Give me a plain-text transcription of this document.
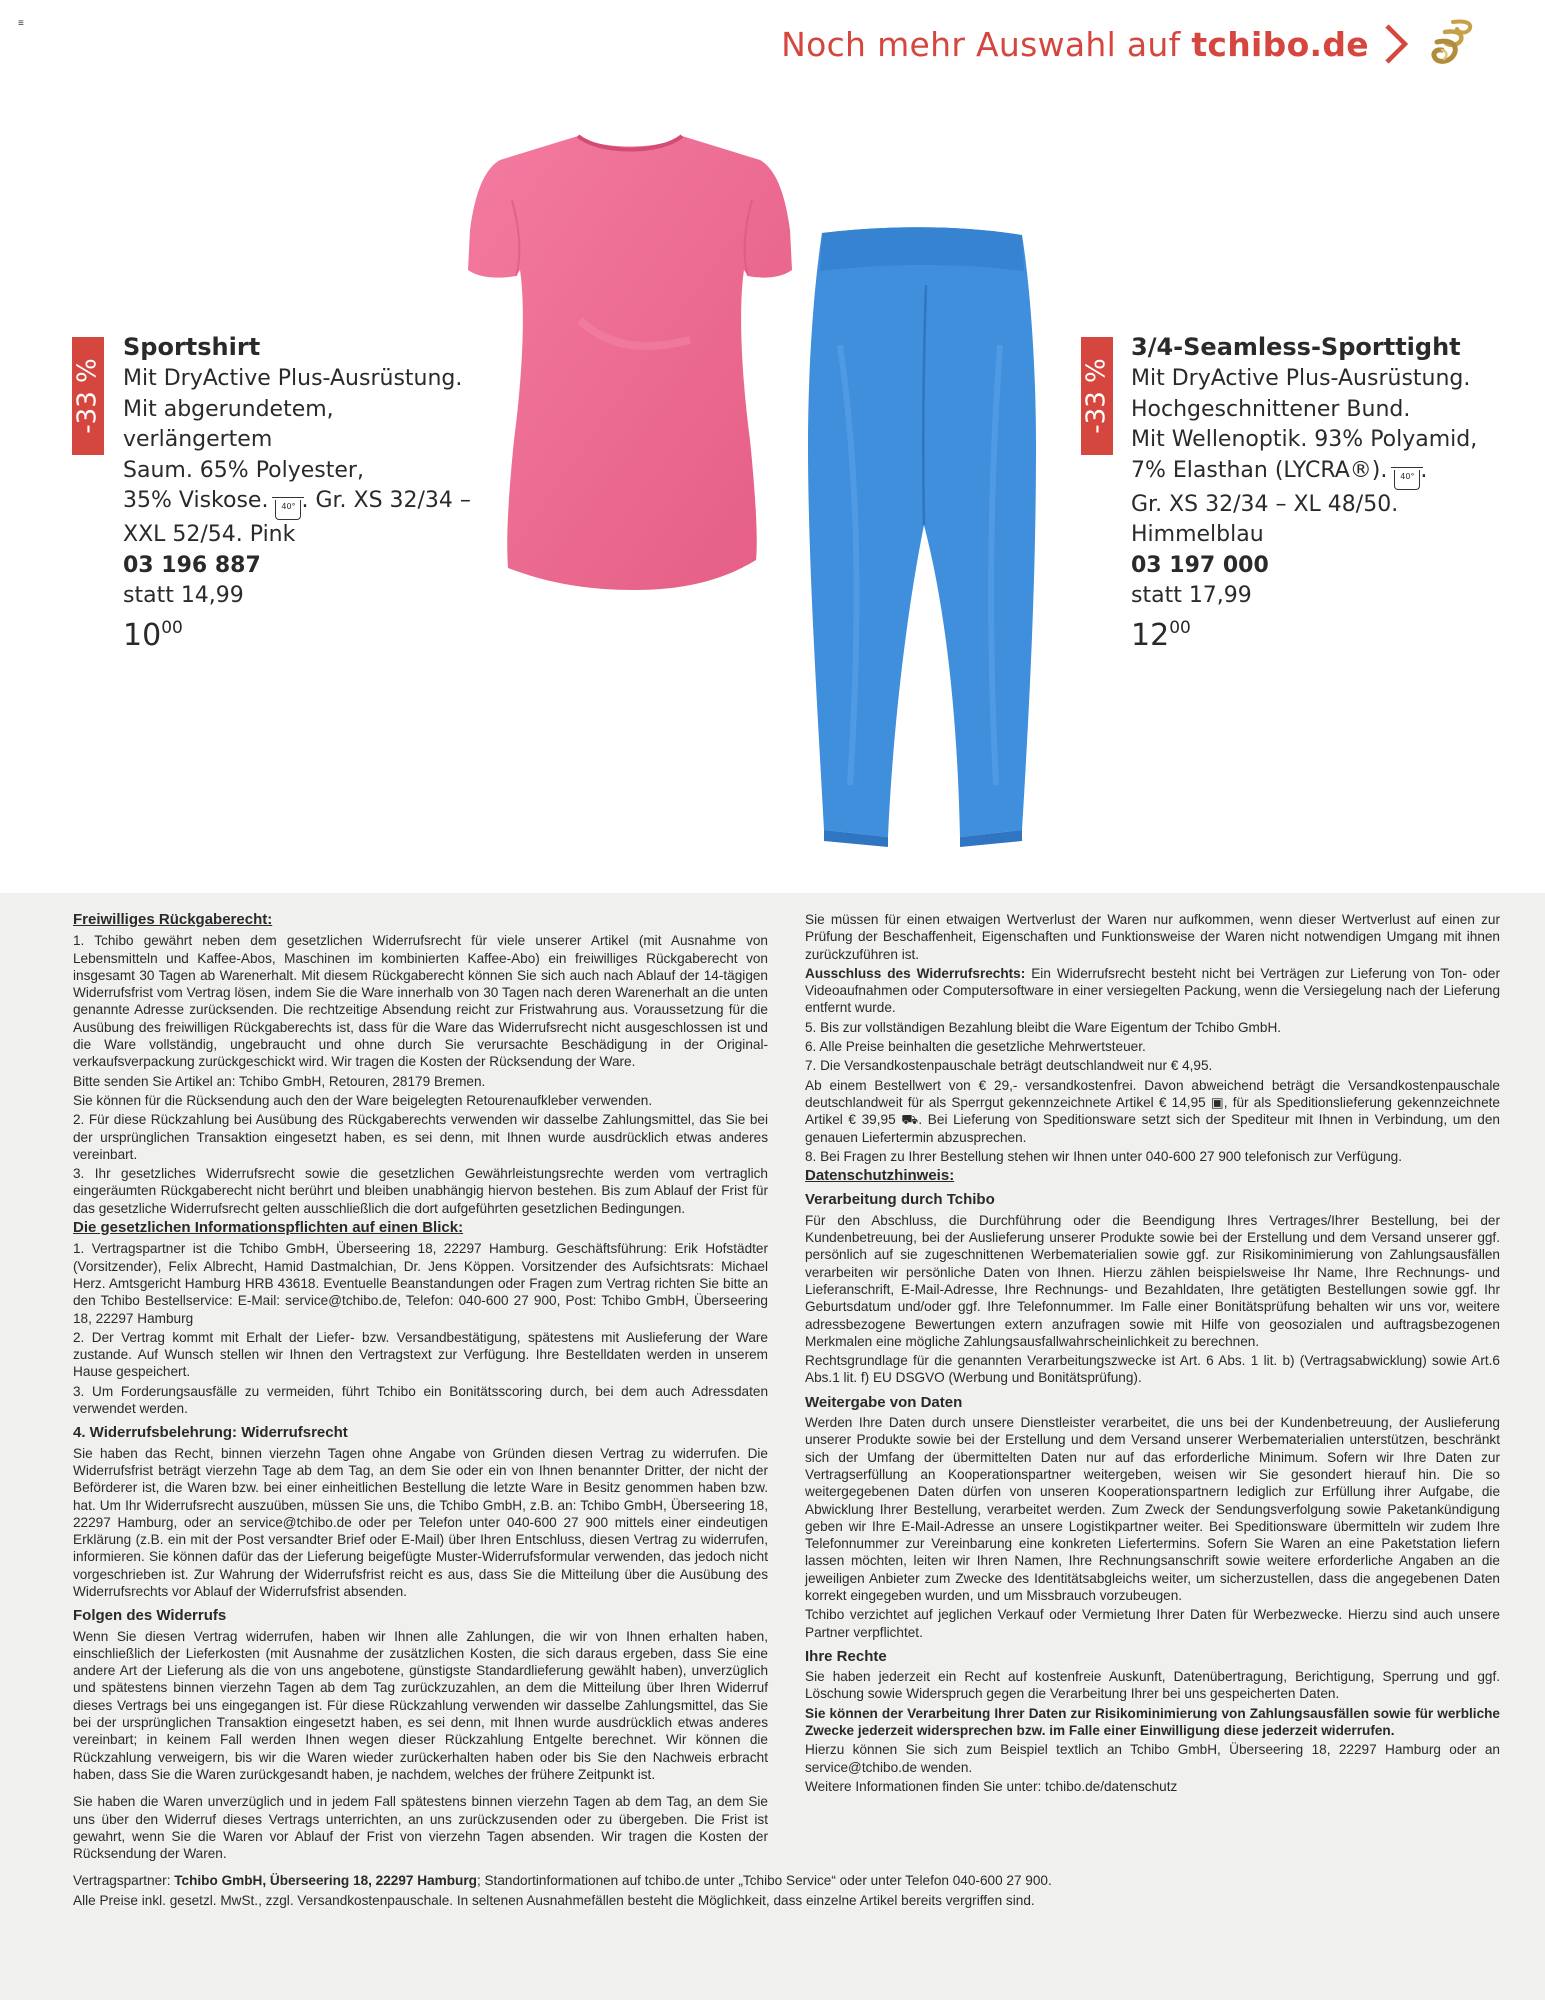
≡
Noch mehr Auswahl auf tchibo.de
-33 %
Sportshirt
Mit DryActive Plus-Ausrüstung.
Mit abgerundetem, verlängertem
Saum. 65% Polyester,
35% Viskose. 40° . Gr. XS 32/34 –
XXL 52/54. Pink
03 196 887
statt 14,99
$10^{00}$
-33 %
3/4-Seamless-Sporttight
Mit DryActive Plus-Ausrüstung.
Hochgeschnittener Bund.
Mit Wellenoptik. 93% Polyamid,
7% Elasthan (LYCRA®). 40° .
Gr. XS 32/34 – XL 48/50.
Himmelblau
03 197 000
statt 17,99
$12^{00}$

Freiwilliges Rückgaberecht:

1. Tchibo gewährt neben dem gesetzlichen Widerrufsrecht für viele unserer Artikel (mit Ausnahme von Lebensmitteln und Kaffee-Abos, Maschinen im kombinierten Kaffee-Abo) ein freiwilliges Rückgaberecht von insgesamt 30 Tagen ab Warenerhalt. Mit diesem Rückgaberecht können Sie sich auch nach Ablauf der 14-tägigen Widerrufsfrist vom Vertrag lösen, indem Sie die Ware innerhalb von 30 Tagen nach deren Warenerhalt an die unten genannte Adresse zurücksenden. Die rechtzeitige Absendung reicht zur Fristwahrung aus. Voraussetzung für die Ausübung des freiwilligen Rückgaberechts ist, dass für die Ware das Widerrufsrecht nicht ausgeschlossen ist und die Ware vollständig, ungebraucht und ohne durch Sie verursachte Beschädigung in der Original-verkaufsverpackung zurückgeschickt wird. Wir tragen die Kosten der Rücksendung der Ware.

Bitte senden Sie Artikel an: Tchibo GmbH, Retouren, 28179 Bremen.

Sie können für die Rücksendung auch den der Ware beigelegten Retourenaufkleber verwenden.

2. Für diese Rückzahlung bei Ausübung des Rückgaberechts verwenden wir dasselbe Zahlungsmittel, das Sie bei der ursprünglichen Transaktion eingesetzt haben, es sei denn, mit Ihnen wurde ausdrücklich etwas anderes vereinbart.

3. Ihr gesetzliches Widerrufsrecht sowie die gesetzlichen Gewährleistungsrechte werden vom vertraglich eingeräumten Rückgaberecht nicht berührt und bleiben unabhängig hiervon bestehen. Bis zum Ablauf der Frist für das gesetzliche Widerrufsrecht gelten ausschließlich die dort aufgeführten gesetzlichen Bedingungen.

Die gesetzlichen Informationspflichten auf einen Blick:

1. Vertragspartner ist die Tchibo GmbH, Überseering 18, 22297 Hamburg. Geschäftsführung: Erik Hofstädter (Vorsitzender), Felix Albrecht, Hamid Dastmalchian, Dr. Jens Köppen. Vorsitzender des Aufsichtsrats: Michael Herz. Amtsgericht Hamburg HRB 43618. Eventuelle Beanstandungen oder Fragen zum Vertrag richten Sie bitte an den Tchibo Bestellservice: E-Mail: service@tchibo.de, Telefon: 040-600 27 900, Post: Tchibo GmbH, Überseering 18, 22297 Hamburg

2. Der Vertrag kommt mit Erhalt der Liefer- bzw. Versandbestätigung, spätestens mit Auslieferung der Ware zustande. Auf Wunsch stellen wir Ihnen den Vertragstext zur Verfügung. Ihre Bestelldaten werden in unserem Hause gespeichert.

3. Um Forderungsausfälle zu vermeiden, führt Tchibo ein Bonitätsscoring durch, bei dem auch Adressdaten verwendet werden.

4. Widerrufsbelehrung: Widerrufsrecht

Sie haben das Recht, binnen vierzehn Tagen ohne Angabe von Gründen diesen Vertrag zu widerrufen. Die Widerrufsfrist beträgt vierzehn Tage ab dem Tag, an dem Sie oder ein von Ihnen benannter Dritter, der nicht der Beförderer ist, die Waren bzw. bei einer einheitlichen Bestellung die letzte Ware in Besitz genommen haben bzw. hat. Um Ihr Widerrufsrecht auszuüben, müssen Sie uns, die Tchibo GmbH, z.B. an: Tchibo GmbH, Überseering 18, 22297 Hamburg, oder an service@tchibo.de oder per Telefon unter 040-600 27 900 mittels einer eindeutigen Erklärung (z.B. ein mit der Post versandter Brief oder E-Mail) über Ihren Entschluss, diesen Vertrag zu widerrufen, informieren. Sie können dafür das der Lieferung beigefügte Muster-Widerrufsformular verwenden, das jedoch nicht vorgeschrieben ist. Zur Wahrung der Widerrufsfrist reicht es aus, dass Sie die Mitteilung über die Ausübung des Widerrufsrechts vor Ablauf der Widerrufsfrist absenden.

Folgen des Widerrufs

Wenn Sie diesen Vertrag widerrufen, haben wir Ihnen alle Zahlungen, die wir von Ihnen erhalten haben, einschließlich der Lieferkosten (mit Ausnahme der zusätzlichen Kosten, die sich daraus ergeben, dass Sie eine andere Art der Lieferung als die von uns angebotene, günstigste Standardlieferung gewählt haben), unverzüglich und spätestens binnen vierzehn Tagen ab dem Tag zurückzuzahlen, an dem die Mitteilung über Ihren Widerruf dieses Vertrags bei uns eingegangen ist. Für diese Rückzahlung verwenden wir dasselbe Zahlungsmittel, das Sie bei der ursprünglichen Transaktion eingesetzt haben, es sei denn, mit Ihnen wurde ausdrücklich etwas anderes vereinbart; in keinem Fall werden Ihnen wegen dieser Rückzahlung Entgelte berechnet. Wir können die Rückzahlung verweigern, bis wir die Waren wieder zurückerhalten haben oder bis Sie den Nachweis erbracht haben, dass Sie die Waren zurückgesandt haben, je nachdem, welches der frühere Zeitpunkt ist.

Sie haben die Waren unverzüglich und in jedem Fall spätestens binnen vierzehn Tagen ab dem Tag, an dem Sie uns über den Widerruf dieses Vertrags unterrichten, an uns zurückzusenden oder zu übergeben. Die Frist ist gewahrt, wenn Sie die Waren vor Ablauf der Frist von vierzehn Tagen absenden. Wir tragen die Kosten der Rücksendung der Waren.

Vertragspartner: Tchibo GmbH, Überseering 18, 22297 Hamburg; Standortinformationen auf tchibo.de unter „Tchibo Service“ oder unter Telefon 040-600 27 900.

Alle Preise inkl. gesetzl. MwSt., zzgl. Versandkostenpauschale. In seltenen Ausnahmefällen besteht die Möglichkeit, dass einzelne Artikel bereits vergriffen sind.

Sie müssen für einen etwaigen Wertverlust der Waren nur aufkommen, wenn dieser Wertverlust auf einen zur Prüfung der Beschaffenheit, Eigenschaften und Funktionsweise der Waren nicht notwendigen Umgang mit ihnen zurückzuführen ist.

Ausschluss des Widerrufsrechts: Ein Widerrufsrecht besteht nicht bei Verträgen zur Lieferung von Ton- oder Videoaufnahmen oder Computersoftware in einer versiegelten Packung, wenn die Versiegelung nach der Lieferung entfernt wurde.

5. Bis zur vollständigen Bezahlung bleibt die Ware Eigentum der Tchibo GmbH.

6. Alle Preise beinhalten die gesetzliche Mehrwertsteuer.

7. Die Versandkostenpauschale beträgt deutschlandweit nur € 4,95.

Ab einem Bestellwert von € 29,- versandkostenfrei. Davon abweichend beträgt die Versandkostenpauschale deutschlandweit für als Sperrgut gekennzeichnete Artikel € 14,95 ▣, für als Speditionslieferung gekennzeichnete Artikel € 39,95 ⛟. Bei Lieferung von Speditionsware setzt sich der Spediteur mit Ihnen in Verbindung, um den genauen Liefertermin abzusprechen.

8. Bei Fragen zu Ihrer Bestellung stehen wir Ihnen unter 040-600 27 900 telefonisch zur Verfügung.

Datenschutzhinweis:

Verarbeitung durch Tchibo

Für den Abschluss, die Durchführung oder die Beendigung Ihres Vertrages/Ihrer Bestellung, bei der Kundenbetreuung, bei der Auslieferung unserer Produkte sowie bei der Erstellung und dem Versand unserer ggf. persönlich auf sie zugeschnittenen Werbematerialien sowie ggf. zur Risikominimierung von Zahlungsausfällen verarbeiten wir persönliche Daten von Ihnen. Hierzu zählen beispielsweise Ihr Name, Ihre Rechnungs- und Lieferanschrift, E-Mail-Adresse, Ihre Rechnungs- und Bezahldaten, Ihre getätigten Bestellungen sowie ggf. Ihr Geburtsdatum und/oder ggf. Ihre Telefonnummer. Im Falle einer Bonitätsprüfung behalten wir uns vor, weitere adressbezogene Bewertungen extern anzufragen sowie mit Hilfe von geosozialen und auftragsbezogenen Merkmalen eine mögliche Zahlungsausfallwahrscheinlichkeit zu berechnen.

Rechtsgrundlage für die genannten Verarbeitungszwecke ist Art. 6 Abs. 1 lit. b) (Vertragsabwicklung) sowie Art.6 Abs.1 lit. f) EU DSGVO (Werbung und Bonitätsprüfung).

Weitergabe von Daten

Werden Ihre Daten durch unsere Dienstleister verarbeitet, die uns bei der Kundenbetreuung, der Auslieferung unserer Produkte sowie bei der Erstellung und dem Versand unserer Werbematerialien unterstützen, beschränkt sich der Umfang der übermittelten Daten nur auf das erforderliche Minimum. Sofern wir Ihre Daten zur Vertragserfüllung an Kooperationspartner weitergeben, weisen wir Sie gesondert hierauf hin. Die so weitergegebenen Daten dürfen von unseren Kooperationspartnern lediglich zur Erfüllung ihrer Aufgabe, die Abwicklung Ihrer Bestellung, verarbeitet werden. Zum Zweck der Sendungsverfolgung sowie Paketankündigung geben wir Ihre E-Mail-Adresse an unsere Logistikpartner weiter. Bei Speditionsware übermitteln wir zudem Ihre Telefonnummer zur Vereinbarung eine konkreten Liefertermins. Sofern Sie Waren an eine Paketstation liefern lassen möchten, leiten wir Ihren Namen, Ihre Rechnungsanschrift sowie weitere erforderliche Angaben an die jeweiligen Anbieter zum Zwecke des Identitätsabgleichs weiter, um sicherzustellen, dass die angegebenen Daten korrekt eingegeben wurden, und um Missbrauch vorzubeugen.

Tchibo verzichtet auf jeglichen Verkauf oder Vermietung Ihrer Daten für Werbezwecke. Hierzu sind auch unsere Partner verpflichtet.

Ihre Rechte

Sie haben jederzeit ein Recht auf kostenfreie Auskunft, Datenübertragung, Berichtigung, Sperrung und ggf. Löschung sowie Widerspruch gegen die Verarbeitung Ihrer bei uns gespeicherten Daten.

Sie können der Verarbeitung Ihrer Daten zur Risikominimierung von Zahlungsausfällen sowie für werbliche Zwecke jederzeit widersprechen bzw. im Falle einer Einwilligung diese jederzeit widerrufen.

Hierzu können Sie sich zum Beispiel textlich an Tchibo GmbH, Überseering 18, 22297 Hamburg oder an service@tchibo.de wenden.

Weitere Informationen finden Sie unter: tchibo.de/datenschutz
